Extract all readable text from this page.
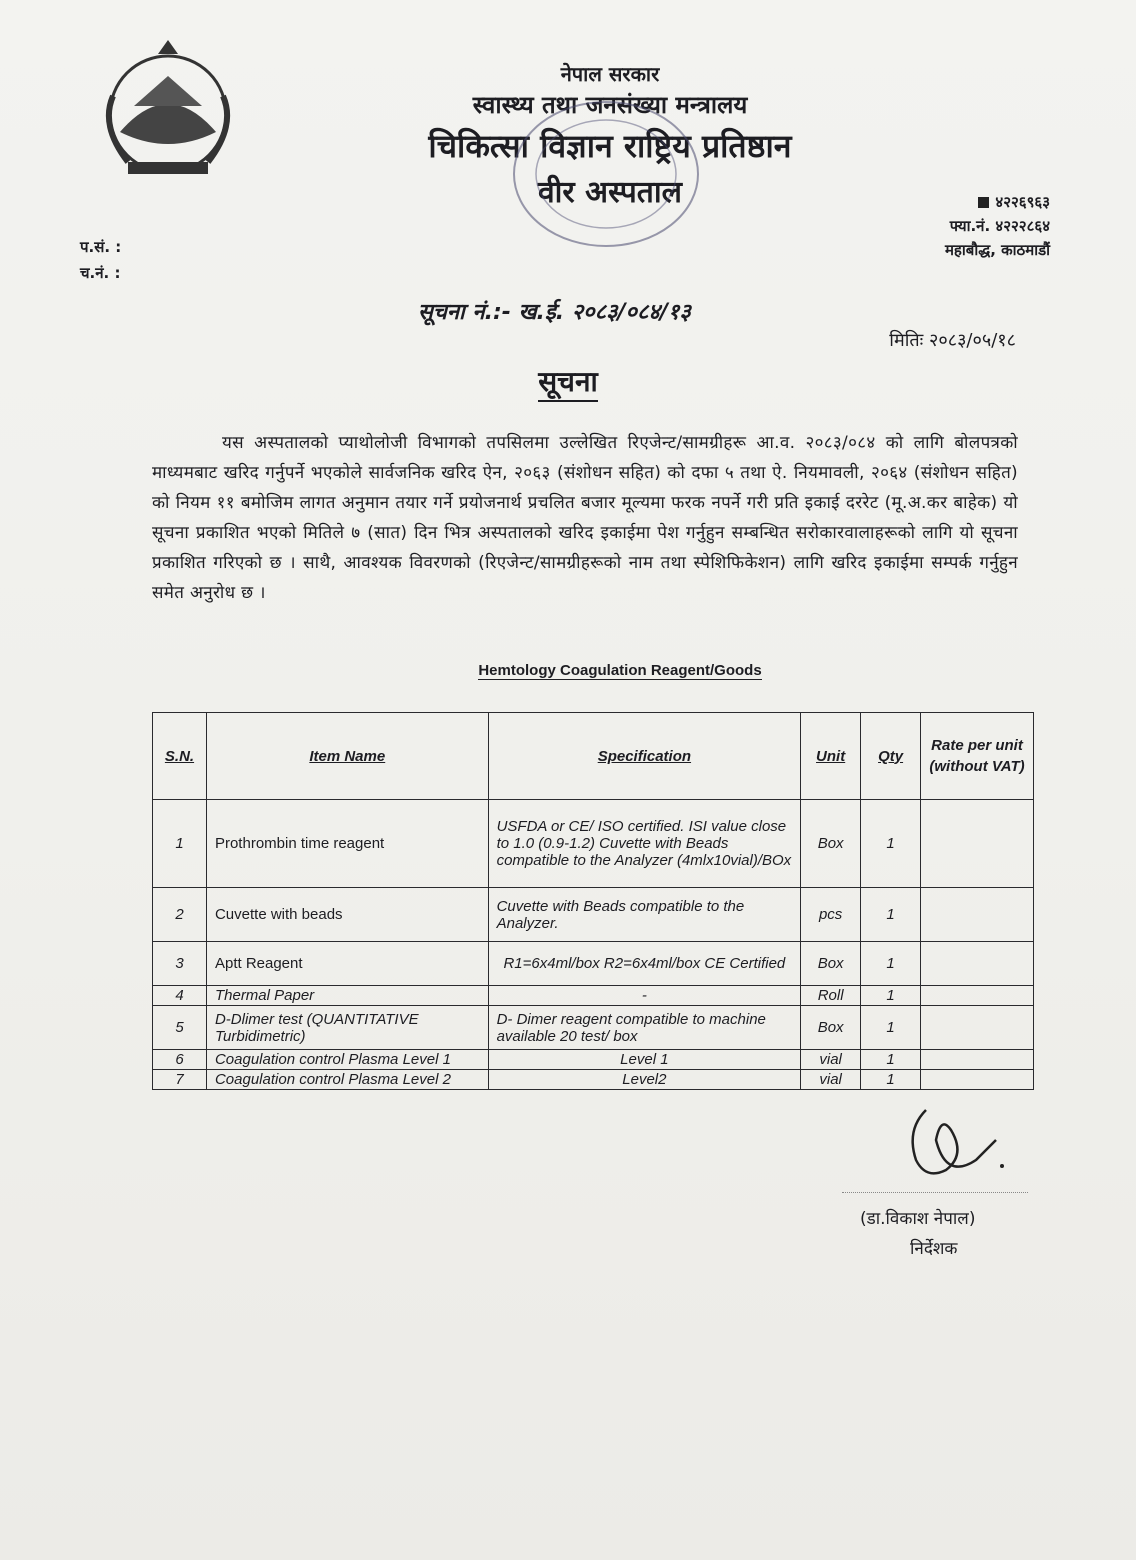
नेपाल सरकार
स्वास्थ्य तथा जनसंख्या मन्त्रालय
चिकित्सा विज्ञान राष्ट्रिय प्रतिष्ठान
वीर अस्पताल	४२२६९६३
फ्या.नं. ४२२२८६४
महाबौद्ध, काठमाडौं
प.सं. :
च.नं. :
सूचना नं.:- ख.ई. २०८३/०८४/१३
मितिः २०८३/०५/१८
सूचना
यस अस्पतालको प्याथोलोजी विभागको तपसिलमा उल्लेखित रिएजेन्ट/सामग्रीहरू आ.व. २०८३/०८४ को लागि बोलपत्रको माध्यमबाट खरिद गर्नुपर्ने भएकोले सार्वजनिक खरिद ऐन, २०६३ (संशोधन सहित) को दफा ५ तथा ऐ. नियमावली, २०६४ (संशोधन सहित) को नियम ११ बमोजिम लागत अनुमान तयार गर्ने प्रयोजनार्थ प्रचलित बजार मूल्यमा फरक नपर्ने गरी प्रति इकाई दररेट (मू.अ.कर बाहेक) यो सूचना प्रकाशित भएको मितिले ७ (सात) दिन भित्र अस्पतालको खरिद इकाईमा पेश गर्नुहुन सम्बन्धित सरोकारवालाहरूको लागि यो सूचना प्रकाशित गरिएको छ । साथै, आवश्यक विवरणको (रिएजेन्ट/सामग्रीहरूको नाम तथा स्पेशिफिकेशन) लागि खरिद इकाईमा सम्पर्क गर्नुहुन समेत अनुरोध छ ।
Hemtology Coagulation Reagent/Goods
S.N.	Item Name	Specification	Unit	Qty	Rate per unit (without VAT)
1	Prothrombin time reagent	USFDA or CE/ ISO certified. ISI value close to 1.0 (0.9-1.2) Cuvette with Beads compatible to the Analyzer (4mlx10vial)/BOx	Box	1	
2	Cuvette with beads	Cuvette with Beads compatible to the Analyzer.	pcs	1	
3	Aptt Reagent	R1=6x4ml/box R2=6x4ml/box CE Certified	Box	1	
4	Thermal Paper	-	Roll	1	
5	D-Dlimer test (QUANTITATIVE Turbidimetric)	D- Dimer reagent compatible to machine available 20 test/ box	Box	1	
6	Coagulation control Plasma Level 1	Level 1	vial	1	
7	Coagulation control Plasma Level 2	Level2	vial	1	
(डा.विकाश नेपाल)
निर्देशक
